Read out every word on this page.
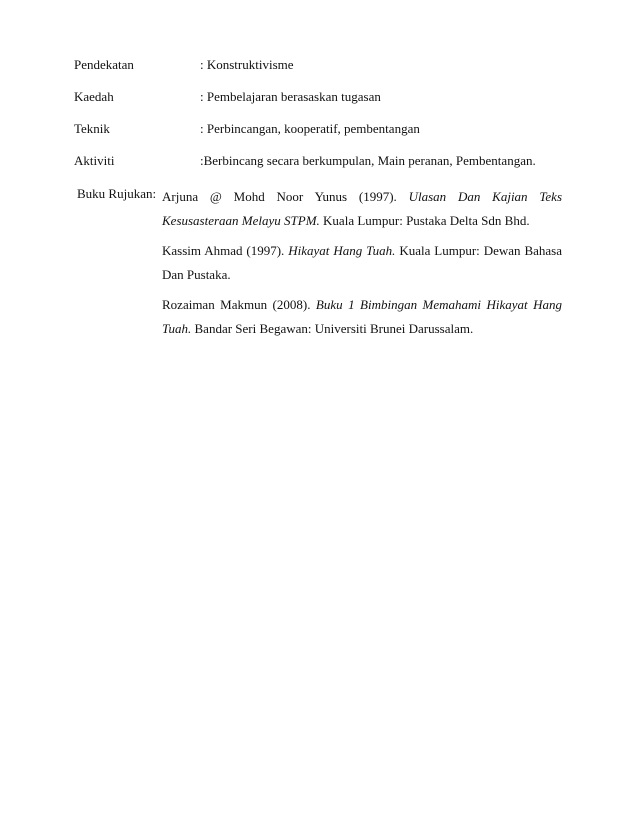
Pendekatan	: Konstruktivisme
Kaedah	: Pembelajaran berasaskan tugasan
Teknik	: Perbincangan, kooperatif, pembentangan
Aktiviti	:Berbincang secara berkumpulan, Main peranan, Pembentangan.
Buku Rujukan: Arjuna @ Mohd Noor Yunus (1997). Ulasan Dan Kajian Teks Kesusasteraan Melayu STPM. Kuala Lumpur: Pustaka Delta Sdn Bhd.

Kassim Ahmad (1997). Hikayat Hang Tuah. Kuala Lumpur: Dewan Bahasa Dan Pustaka.

Rozaiman Makmun (2008). Buku 1 Bimbingan Memahami Hikayat Hang Tuah. Bandar Seri Begawan: Universiti Brunei Darussalam.
